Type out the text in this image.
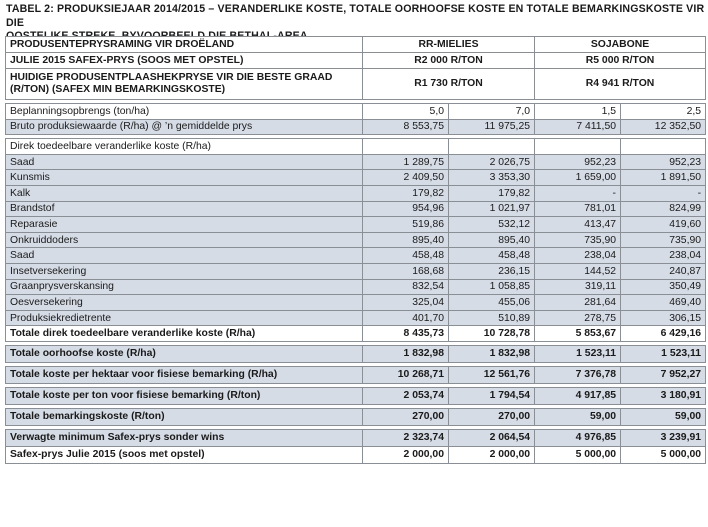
TABEL 2: PRODUKSIEJAAR 2014/2015 – VERANDERLIKE KOSTE, TOTALE OORHOOFSE KOSTE EN TOTALE BEMARKINGSKOSTE VIR DIE
PRODUSENTEPRYSRAMING VIR DROËLAND	RR-MIELIES		SOJABONE	
JULIE 2015 SAFEX-PRYS (SOOS MET OPSTEL)	R2 000 R/TON		R5 000 R/TON	
HUIDIGE PRODUSENTPLAASHEKPRYSE VIR DIE BESTE GRAAD (R/TON) (SAFEX MIN BEMARKINGSKOSTE)	R1 730 R/TON		R4 941 R/TON	

Beplanningsopbrengs (ton/ha)	5,0	7,0	1,5	2,5
Bruto produksiewaarde (R/ha) @ ’n gemiddelde prys	8 553,75	11 975,25	7 411,50	12 352,50

Direk toedeelbare veranderlike koste (R/ha)				
Saad	1 289,75	2 026,75	952,23	952,23
Kunsmis	2 409,50	3 353,30	1 659,00	1 891,50
Kalk	179,82	179,82	-	-
Brandstof	954,96	1 021,97	781,01	824,99
Reparasie	519,86	532,12	413,47	419,60
Onkruiddoders	895,40	895,40	735,90	735,90
Saad	458,48	458,48	238,04	238,04
Insetversekering	168,68	236,15	144,52	240,87
Graanprysverskansing	832,54	1 058,85	319,11	350,49
Oesversekering	325,04	455,06	281,64	469,40
Produksiekredietrente	401,70	510,89	278,75	306,15
Totale direk toedeelbare veranderlike koste (R/ha)	8 435,73	10 728,78	5 853,67	6 429,16

Totale oorhoofse koste (R/ha)	1 832,98	1 832,98	1 523,11	1 523,11

Totale koste per hektaar voor fisiese bemarking (R/ha)	10 268,71	12 561,76	7 376,78	7 952,27

Totale koste per ton voor fisiese bemarking (R/ton)	2 053,74	1 794,54	4 917,85	3 180,91

Totale bemarkingskoste (R/ton)	270,00	270,00	59,00	59,00

Verwagte minimum Safex-prys sonder wins	2 323,74	2 064,54	4 976,85	3 239,91
Safex-prys Julie 2015 (soos met opstel)	2 000,00	2 000,00	5 000,00	5 000,00
